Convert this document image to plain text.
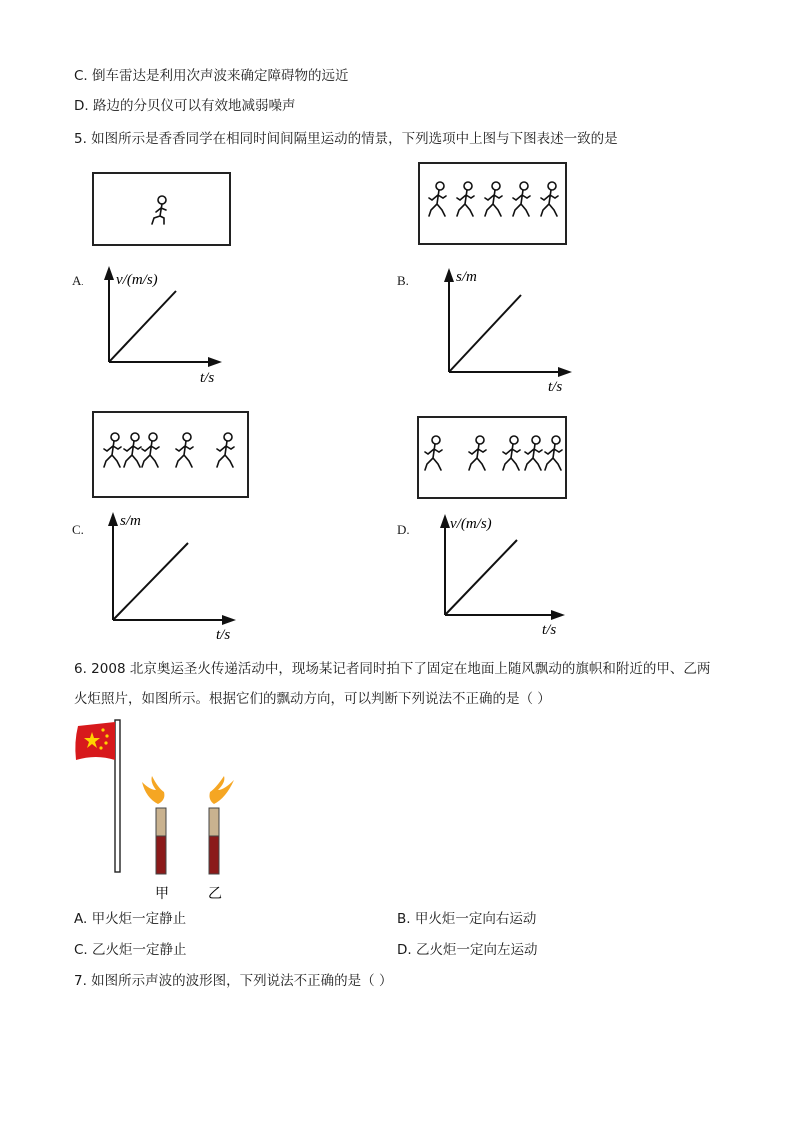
C. 倒车雷达是利用次声波来确定障碍物的远近
D. 路边的分贝仪可以有效地减弱噪声
5. 如图所示是香香同学在相同时间间隔里运动的情景，下列选项中上图与下图表述一致的是
A. v/(m/s)
t/s
B.	s/m
t/s
C.
s/m
t/s
D.	v/(m/s)
t/s
6. 2008 北京奥运圣火传递活动中，现场某记者同时拍下了固定在地面上随风飘动的旗帜和附近的甲、乙两
火炬照片，如图所示。根据它们的飘动方向，可以判断下列说法不正确的是（ ）
甲	乙
A. 甲火炬一定静止	B. 甲火炬一定向右运动
C. 乙火炬一定静止	D. 乙火炬一定向左运动
7. 如图所示声波的波形图，下列说法不正确的是（ ）
